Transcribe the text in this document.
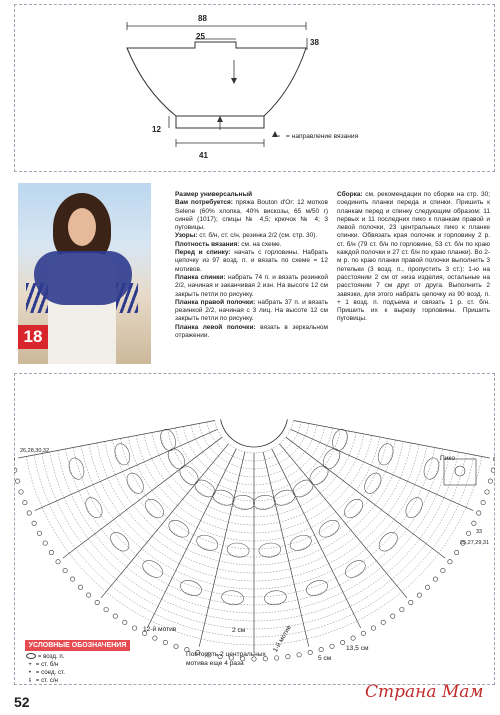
88
25
38
12
41
= направление вязания
18
Размер универсальный
Вам потребуется: пряжа Bouton d'Or: 12 мотков Selene (60% хлопка, 40% вискозы, 65 м/50 г) синей (1017); спицы № 4,5; крючок № 4; 3 пуговицы.
Узоры: ст. б/н, ст. с/н, резинка 2/2 (см. стр. 30).
Плотность вязания: см. на схеме.
Перед и спинку: начать с горловины. Набрать цепочку из 97 возд. п. и вязать по схеме = 12 мотивов.
Планка спинки: набрать 74 п. и вязать резинкой 2/2, начиная и заканчивая 2 изн. На высоте 12 см закрыть петли по рисунку.
Планка правой полочки: набрать 37 п. и вязать резинкой 2/2, начиная с 3 лиц. На высоте 12 см закрыть петли по рисунку.
Планка левой полочки: вязать в зеркальном отражении.
Сборка: см. рекомендации по сборке на стр. 30; соединить планки переда и спинки. Пришить к планкам перед и спинку следующим образом: 11 первых и 11 последних пико к планкам правой и левой полочки, 23 центральных пико к планке спинки. Обвязать края полочек и горловину 2 р. ст. б/н (79 ст. б/н по горловине, 53 ст. б/н по краю каждой полочки и 27 ст. б/н по краю планки). Во 2-м р. по краю планки правой полочки выполнить 3 петельки (3 возд. п., пропустить 3 ст.): 1-ю на расстоянии 2 см от низа изделия, остальные на расстоянии 7 см друг от друга. Выполнить 2 завязки, для этого набрать цепочку из 90 возд. п. + 1 возд. п. подъема и связать 1 р. ст. б/н. Пришить их к вырезу горловины. Пришить пуговицы.
Пико
26,28,30,32
33
25,27,29,31
12-й мотив	1-й мотив
2 см
5 см
13,5 см
Повторить 2 центральных
мотива еще 4 раза
УСЛОВНЫЕ ОБОЗНАЧЕНИЯ
= возд. п.
+ = ст. б/н
• = соед. ст.
ŧ = ст. с/н
52	Страна Мам
